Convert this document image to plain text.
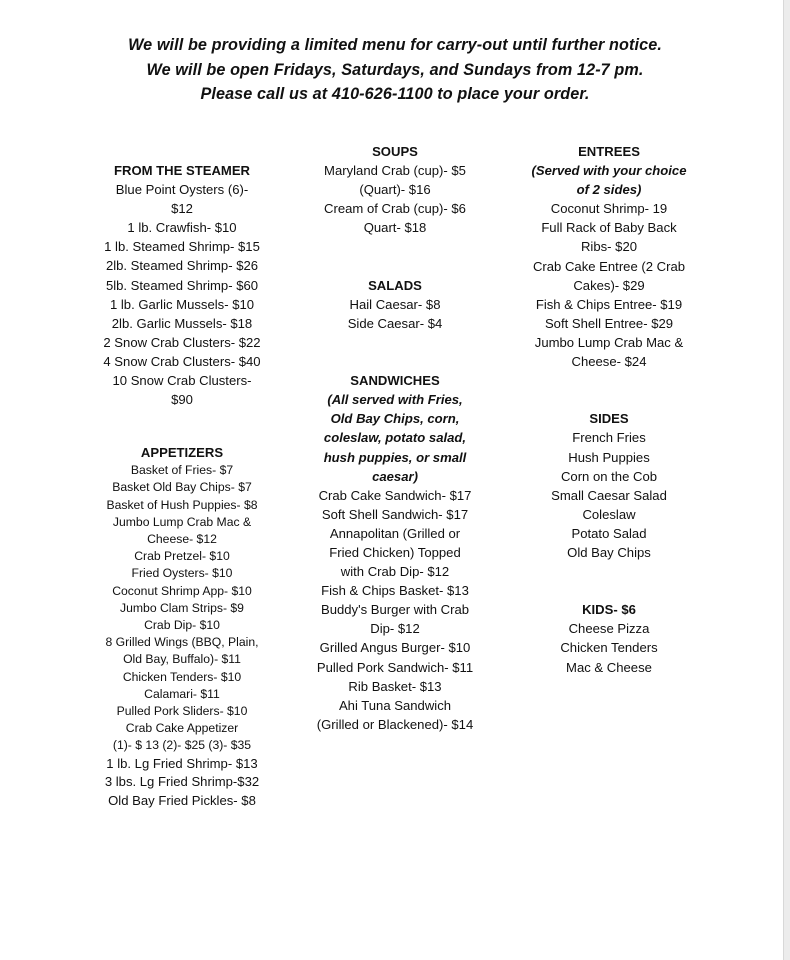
We will be providing a limited menu for carry-out until further notice.
We will be open Fridays, Saturdays, and Sundays from 12-7 pm.
Please call us at 410-626-1100 to place your order.
FROM THE STEAMER
Blue Point Oysters (6)-
$12
1 lb. Crawfish- $10
1 lb. Steamed Shrimp- $15
2lb. Steamed Shrimp- $26
5lb. Steamed Shrimp- $60
1 lb. Garlic Mussels- $10
2lb. Garlic Mussels- $18
2 Snow Crab Clusters- $22
4 Snow Crab Clusters- $40
10 Snow Crab Clusters-
$90
APPETIZERS
Basket of Fries- $7
Basket Old Bay Chips- $7
Basket of Hush Puppies- $8
Jumbo Lump Crab Mac &
Cheese- $12
Crab Pretzel- $10
Fried Oysters- $10
Coconut Shrimp App- $10
Jumbo Clam Strips- $9
Crab Dip- $10
8 Grilled Wings (BBQ, Plain,
Old Bay, Buffalo)- $11
Chicken Tenders- $10
Calamari- $11
Pulled Pork Sliders- $10
Crab Cake Appetizer
(1)- $ 13 (2)- $25 (3)- $35
1 lb. Lg Fried Shrimp- $13
3 lbs. Lg Fried Shrimp-$32
Old Bay Fried Pickles- $8
SOUPS
Maryland Crab (cup)- $5
(Quart)- $16
Cream of Crab (cup)- $6
Quart- $18
SALADS
Hail Caesar- $8
Side Caesar- $4
SANDWICHES
(All served with Fries,
Old Bay Chips, corn,
coleslaw, potato salad,
hush puppies, or small
caesar)
Crab Cake Sandwich- $17
Soft Shell Sandwich- $17
Annapolitan (Grilled or
Fried Chicken) Topped
with Crab Dip- $12
Fish & Chips Basket- $13
Buddy's Burger with Crab
Dip- $12
Grilled Angus Burger- $10
Pulled Pork Sandwich- $11
Rib Basket- $13
Ahi Tuna Sandwich
(Grilled or Blackened)- $14
ENTREES
(Served with your choice
of 2 sides)
Coconut Shrimp- 19
Full Rack of Baby Back
Ribs- $20
Crab Cake Entree (2 Crab
Cakes)- $29
Fish & Chips Entree- $19
Soft Shell Entree- $29
Jumbo Lump Crab Mac &
Cheese- $24
SIDES
French Fries
Hush Puppies
Corn on the Cob
Small Caesar Salad
Coleslaw
Potato Salad
Old Bay Chips
KIDS- $6
Cheese Pizza
Chicken Tenders
Mac & Cheese
